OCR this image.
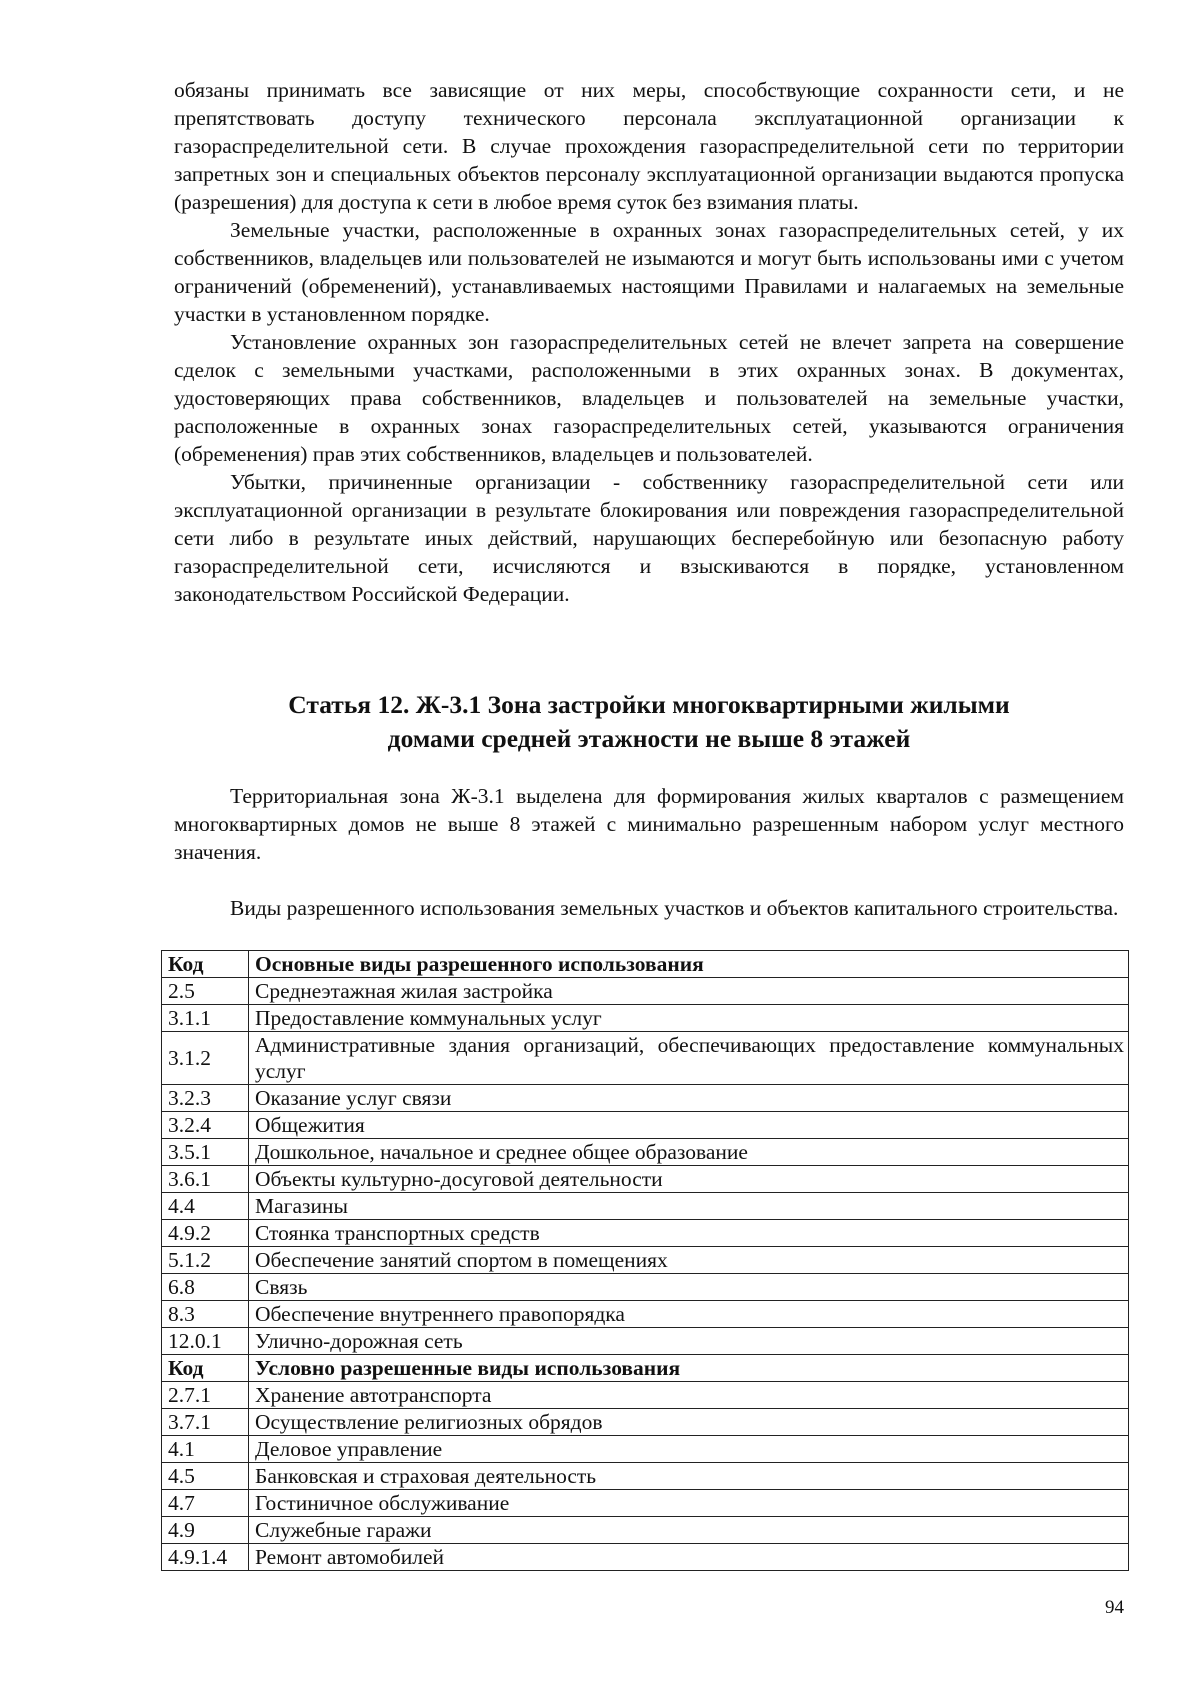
обязаны принимать все зависящие от них меры, способствующие сохранности сети, и не препятствовать доступу технического персонала эксплуатационной организации к газораспределительной сети. В случае прохождения газораспределительной сети по территории запретных зон и специальных объектов персоналу эксплуатационной организации выдаются пропуска (разрешения) для доступа к сети в любое время суток без взимания платы.

Земельные участки, расположенные в охранных зонах газораспределительных сетей, у их собственников, владельцев или пользователей не изымаются и могут быть использованы ими с учетом ограничений (обременений), устанавливаемых настоящими Правилами и налагаемых на земельные участки в установленном порядке.

Установление охранных зон газораспределительных сетей не влечет запрета на совершение сделок с земельными участками, расположенными в этих охранных зонах. В документах, удостоверяющих права собственников, владельцев и пользователей на земельные участки, расположенные в охранных зонах газораспределительных сетей, указываются ограничения (обременения) прав этих собственников, владельцев и пользователей.

Убытки, причиненные организации - собственнику газораспределительной сети или эксплуатационной организации в результате блокирования или повреждения газораспределительной сети либо в результате иных действий, нарушающих бесперебойную или безопасную работу газораспределительной сети, исчисляются и взыскиваются в порядке, установленном законодательством Российской Федерации.

Статья 12. Ж-3.1 Зона застройки многоквартирными жилыми
домами средней этажности не выше 8 этажей

Территориальная зона Ж-3.1 выделена для формирования жилых кварталов с размещением многоквартирных домов не выше 8 этажей с минимально разрешенным набором услуг местного значения.

Виды разрешенного использования земельных участков и объектов капитального строительства.

Код	Основные виды разрешенного использования
2.5	Среднеэтажная жилая застройка
3.1.1	Предоставление коммунальных услуг
3.1.2	Административные здания организаций, обеспечивающих предоставление коммунальных услуг
3.2.3	Оказание услуг связи
3.2.4	Общежития
3.5.1	Дошкольное, начальное и среднее общее образование
3.6.1	Объекты культурно-досуговой деятельности
4.4	Магазины
4.9.2	Стоянка транспортных средств
5.1.2	Обеспечение занятий спортом в помещениях
6.8	Связь
8.3	Обеспечение внутреннего правопорядка
12.0.1	Улично-дорожная сеть
Код	Условно разрешенные виды использования
2.7.1	Хранение автотранспорта
3.7.1	Осуществление религиозных обрядов
4.1	Деловое управление
4.5	Банковская и страховая деятельность
4.7	Гостиничное обслуживание
4.9	Служебные гаражи
4.9.1.4	Ремонт автомобилей
94
